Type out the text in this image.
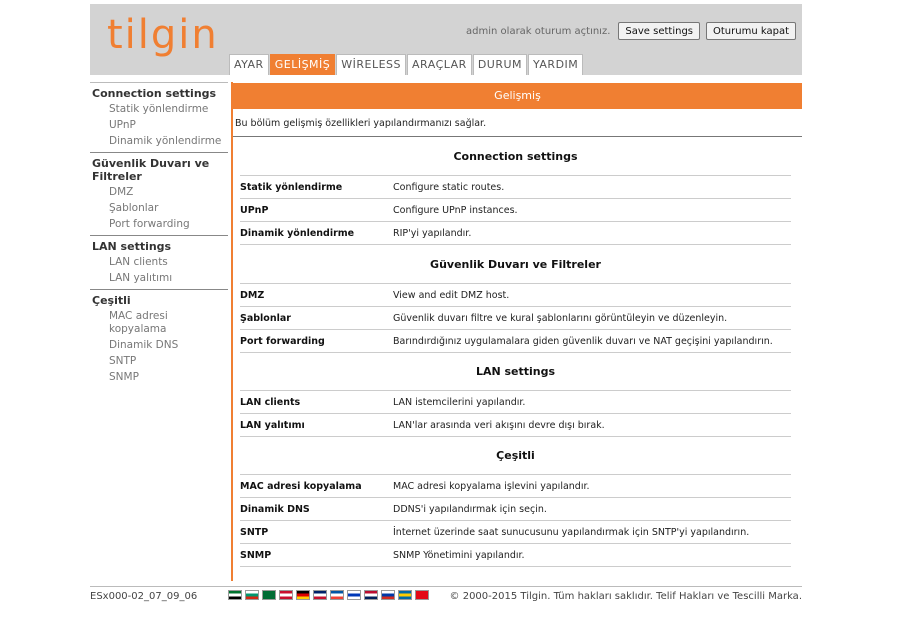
tilgin	admin olarak oturum açtınız.	Save settings	Oturumu kapat
AYAR	GELİŞMİŞ	WİRELESS	ARAÇLAR	DURUM	YARDIM
Connection settings
Statik yönlendirme
UPnP
Dinamik yönlendirme
Güvenlik Duvarı ve Filtreler
DMZ
Şablonlar
Port forwarding
LAN settings
LAN clients
LAN yalıtımı
Çeşitli
MAC adresi kopyalama
Dinamik DNS
SNTP
SNMP
Gelişmiş
Bu bölüm gelişmiş özellikleri yapılandırmanızı sağlar.
Connection settings
Statik yönlendirme	Configure static routes.
UPnP	Configure UPnP instances.
Dinamik yönlendirme	RIP'yi yapılandır.
Güvenlik Duvarı ve Filtreler
DMZ	View and edit DMZ host.
Şablonlar	Güvenlik duvarı filtre ve kural şablonlarını görüntüleyin ve düzenleyin.
Port forwarding	Barındırdığınız uygulamalara giden güvenlik duvarı ve NAT geçişini yapılandırın.
LAN settings
LAN clients	LAN istemcilerini yapılandır.
LAN yalıtımı	LAN'lar arasında veri akışını devre dışı bırak.
Çeşitli
MAC adresi kopyalama	MAC adresi kopyalama işlevini yapılandır.
Dinamik DNS	DDNS'i yapılandırmak için seçin.
SNTP	İnternet üzerinde saat sunucusunu yapılandırmak için SNTP'yi yapılandırın.
SNMP	SNMP Yönetimini yapılandır.
ESx000-02_07_09_06	© 2000-2015 Tilgin. Tüm hakları saklıdır. Telif Hakları ve Tescilli Marka.
